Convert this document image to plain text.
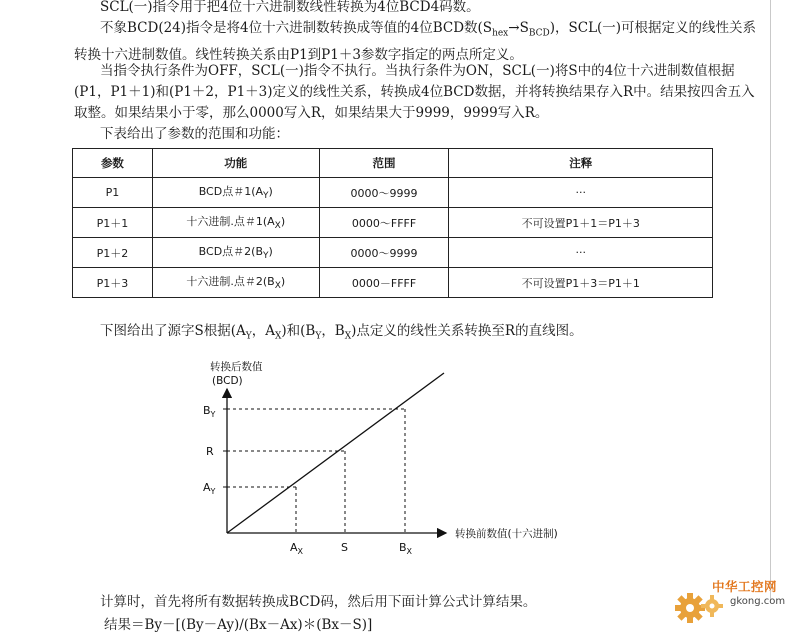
SCL(一)指令用于把4位十六进制数线性转换为4位BCD4码数。

不象BCD(24)指令是将4位十六进制数转换成等值的4位BCD数$(S_{hex}\to S_{BCD})$，SCL(一)可根据定义的线性关系转换十六进制数值。线性转换关系由P1到P1＋3参数字指定的两点所定义。

当指令执行条件为OFF，SCL(一)指令不执行。当执行条件为ON，SCL(一)将S中的4位十六进制数值根据(P1，P1＋1)和(P1＋2，P1＋3)定义的线性关系，转换成4位BCD数据，并将转换结果存入R中。结果按四舍五入取整。如果结果小于零，那么0000写入R，如果结果大于9999，9999写入R。

下表给出了参数的范围和功能：

参数	功能	范围	注释
P1	BCD点＃$1(A_Y)$	0000～9999	···
P1＋1	十六进制.点＃$1(A_X)$	0000～FFFF	不可设置P1＋1＝P1＋3
P1＋2	BCD点＃$2(B_Y)$	0000～9999	···
P1＋3	十六进制.点＃$2(B_X)$	0000－FFFF	不可设置P1＋3＝P1＋1

下图给出了源字S根据($A_Y$，$A_X$)和($B_Y$，$B_X$)点定义的线性关系转换至R的直线图。

转换后数值
(BCD)
$B_Y$
R
$A_Y$
$A_X$	S	$B_X$
转换前数值(十六进制)

计算时，首先将所有数据转换成BCD码，然后用下面计算公式计算结果。

结果＝By－[(By－Ay)/(Bx－Ax)＊(Bx－S)]

中华工控网
gkong.com
